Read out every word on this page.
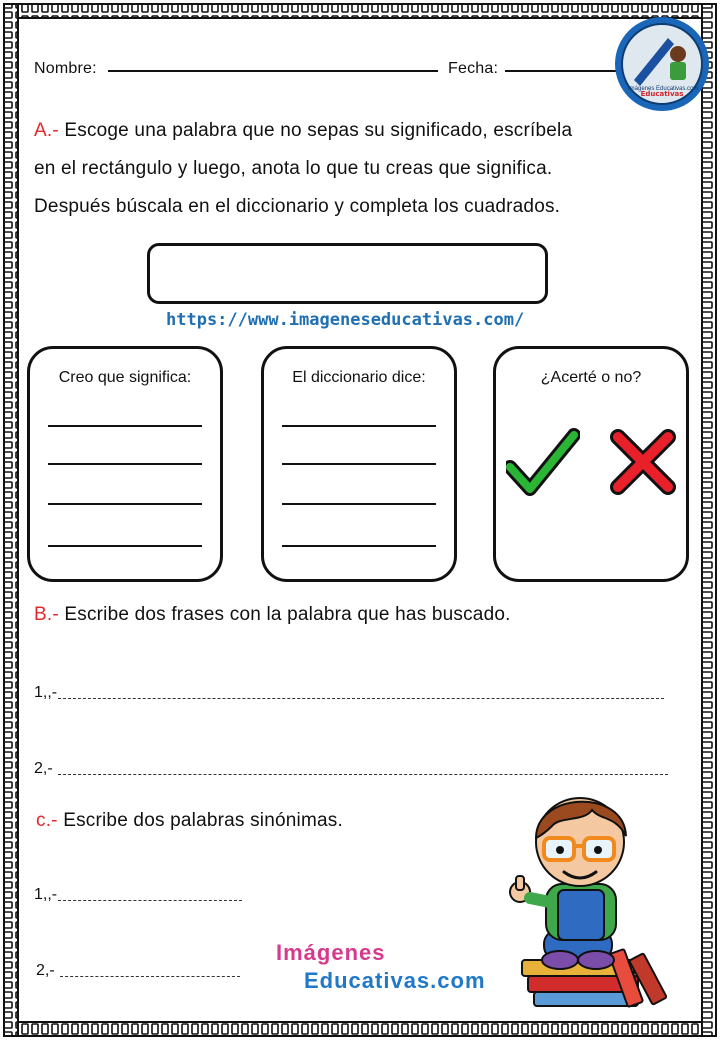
Nombre:	Fecha:
Educativas
Imágenes Educativas.com
A.- Escoge una palabra que no sepas su significado, escríbela
en el rectángulo y luego, anota lo que tu creas que significa.
Después búscala en el diccionario y completa los cuadrados.
https://www.imageneseducativas.com/
Creo que significa:	El diccionario dice:	¿Acerté o no?
B.- Escribe dos frases con la palabra que has buscado.
1,,-
2,-
c.- Escribe dos palabras sinónimas.
1,,-
2,-
Imágenes
Educativas.com
